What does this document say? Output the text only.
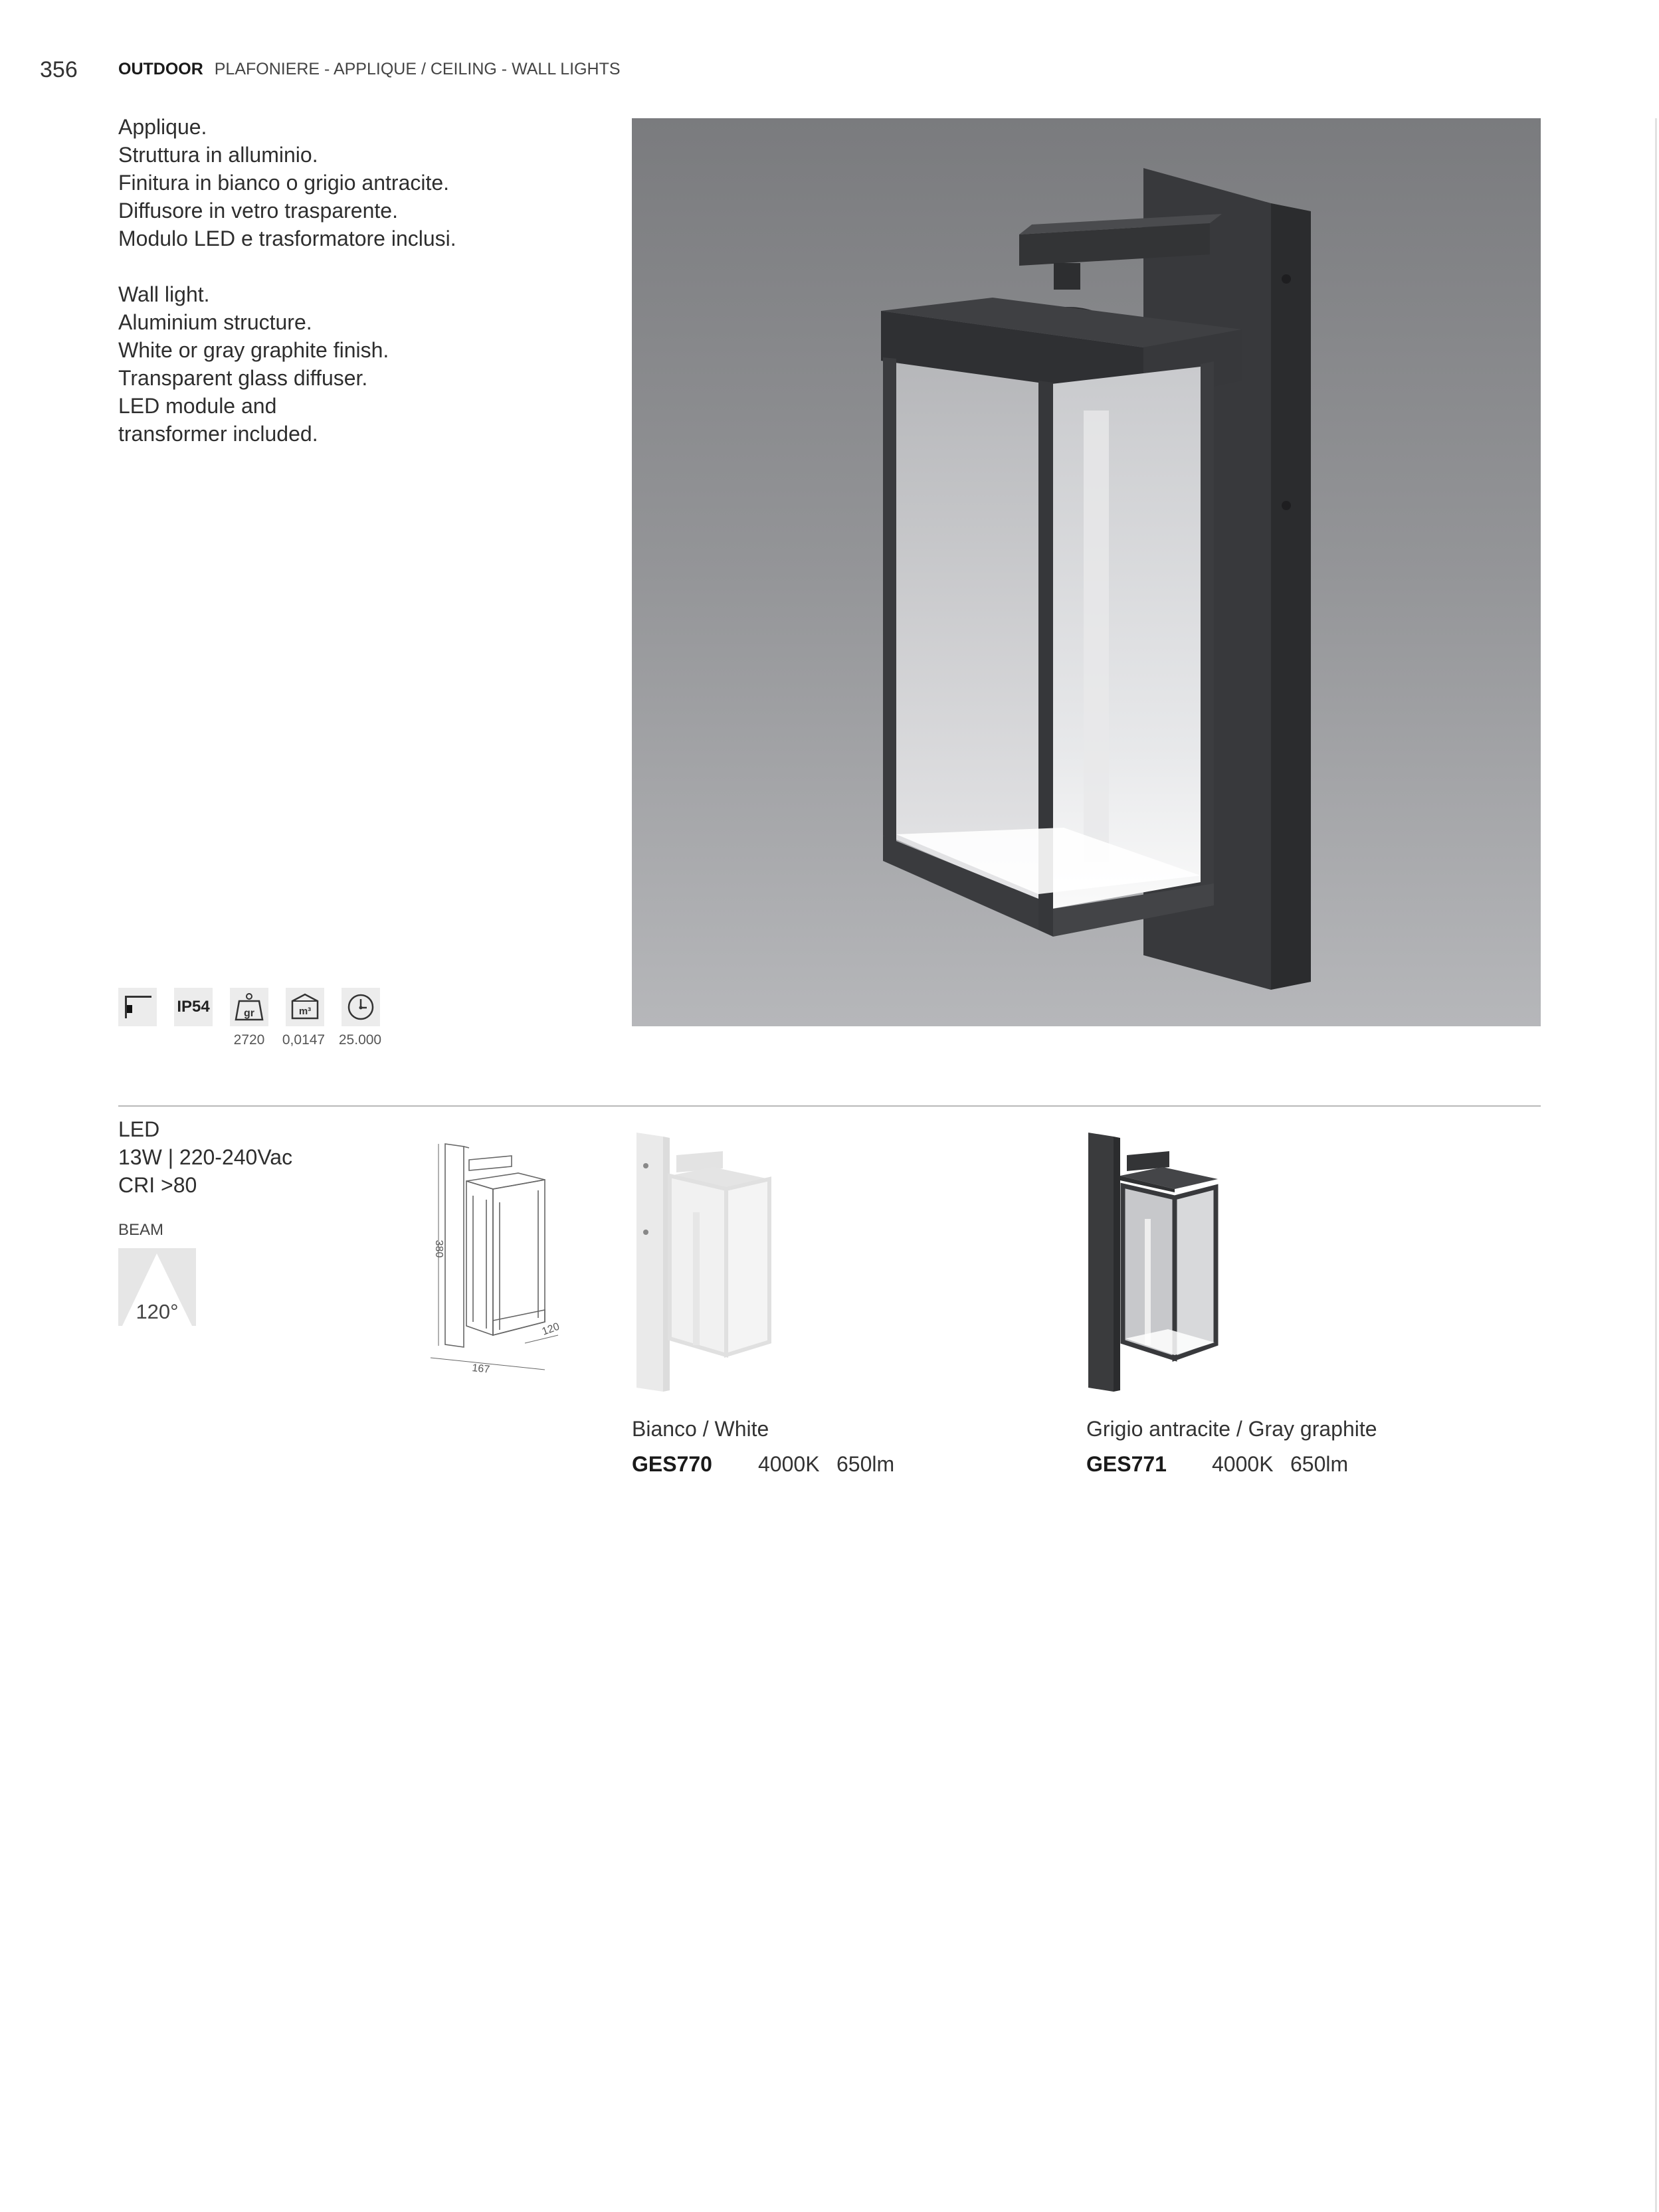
356 OUTDOOR PLAFONIERE - APPLIQUE / CEILING - WALL LIGHTS
Applique.
Struttura in alluminio.
Finitura in bianco o grigio antracite.
Diffusore in vetro trasparente.
Modulo LED e trasformatore inclusi.
Wall light.
Aluminium structure.
White or gray graphite finish.
Transparent glass diffuser.
LED module and
transformer included.
IP54	gr	m³
2720	0,0147 25.000
LED
13W | 220-240Vac
CRI >80
BEAM
120°
380
167
120
Bianco / White
GES770 4000K 650lm
Grigio antracite / Gray graphite
GES771 4000K 650lm
